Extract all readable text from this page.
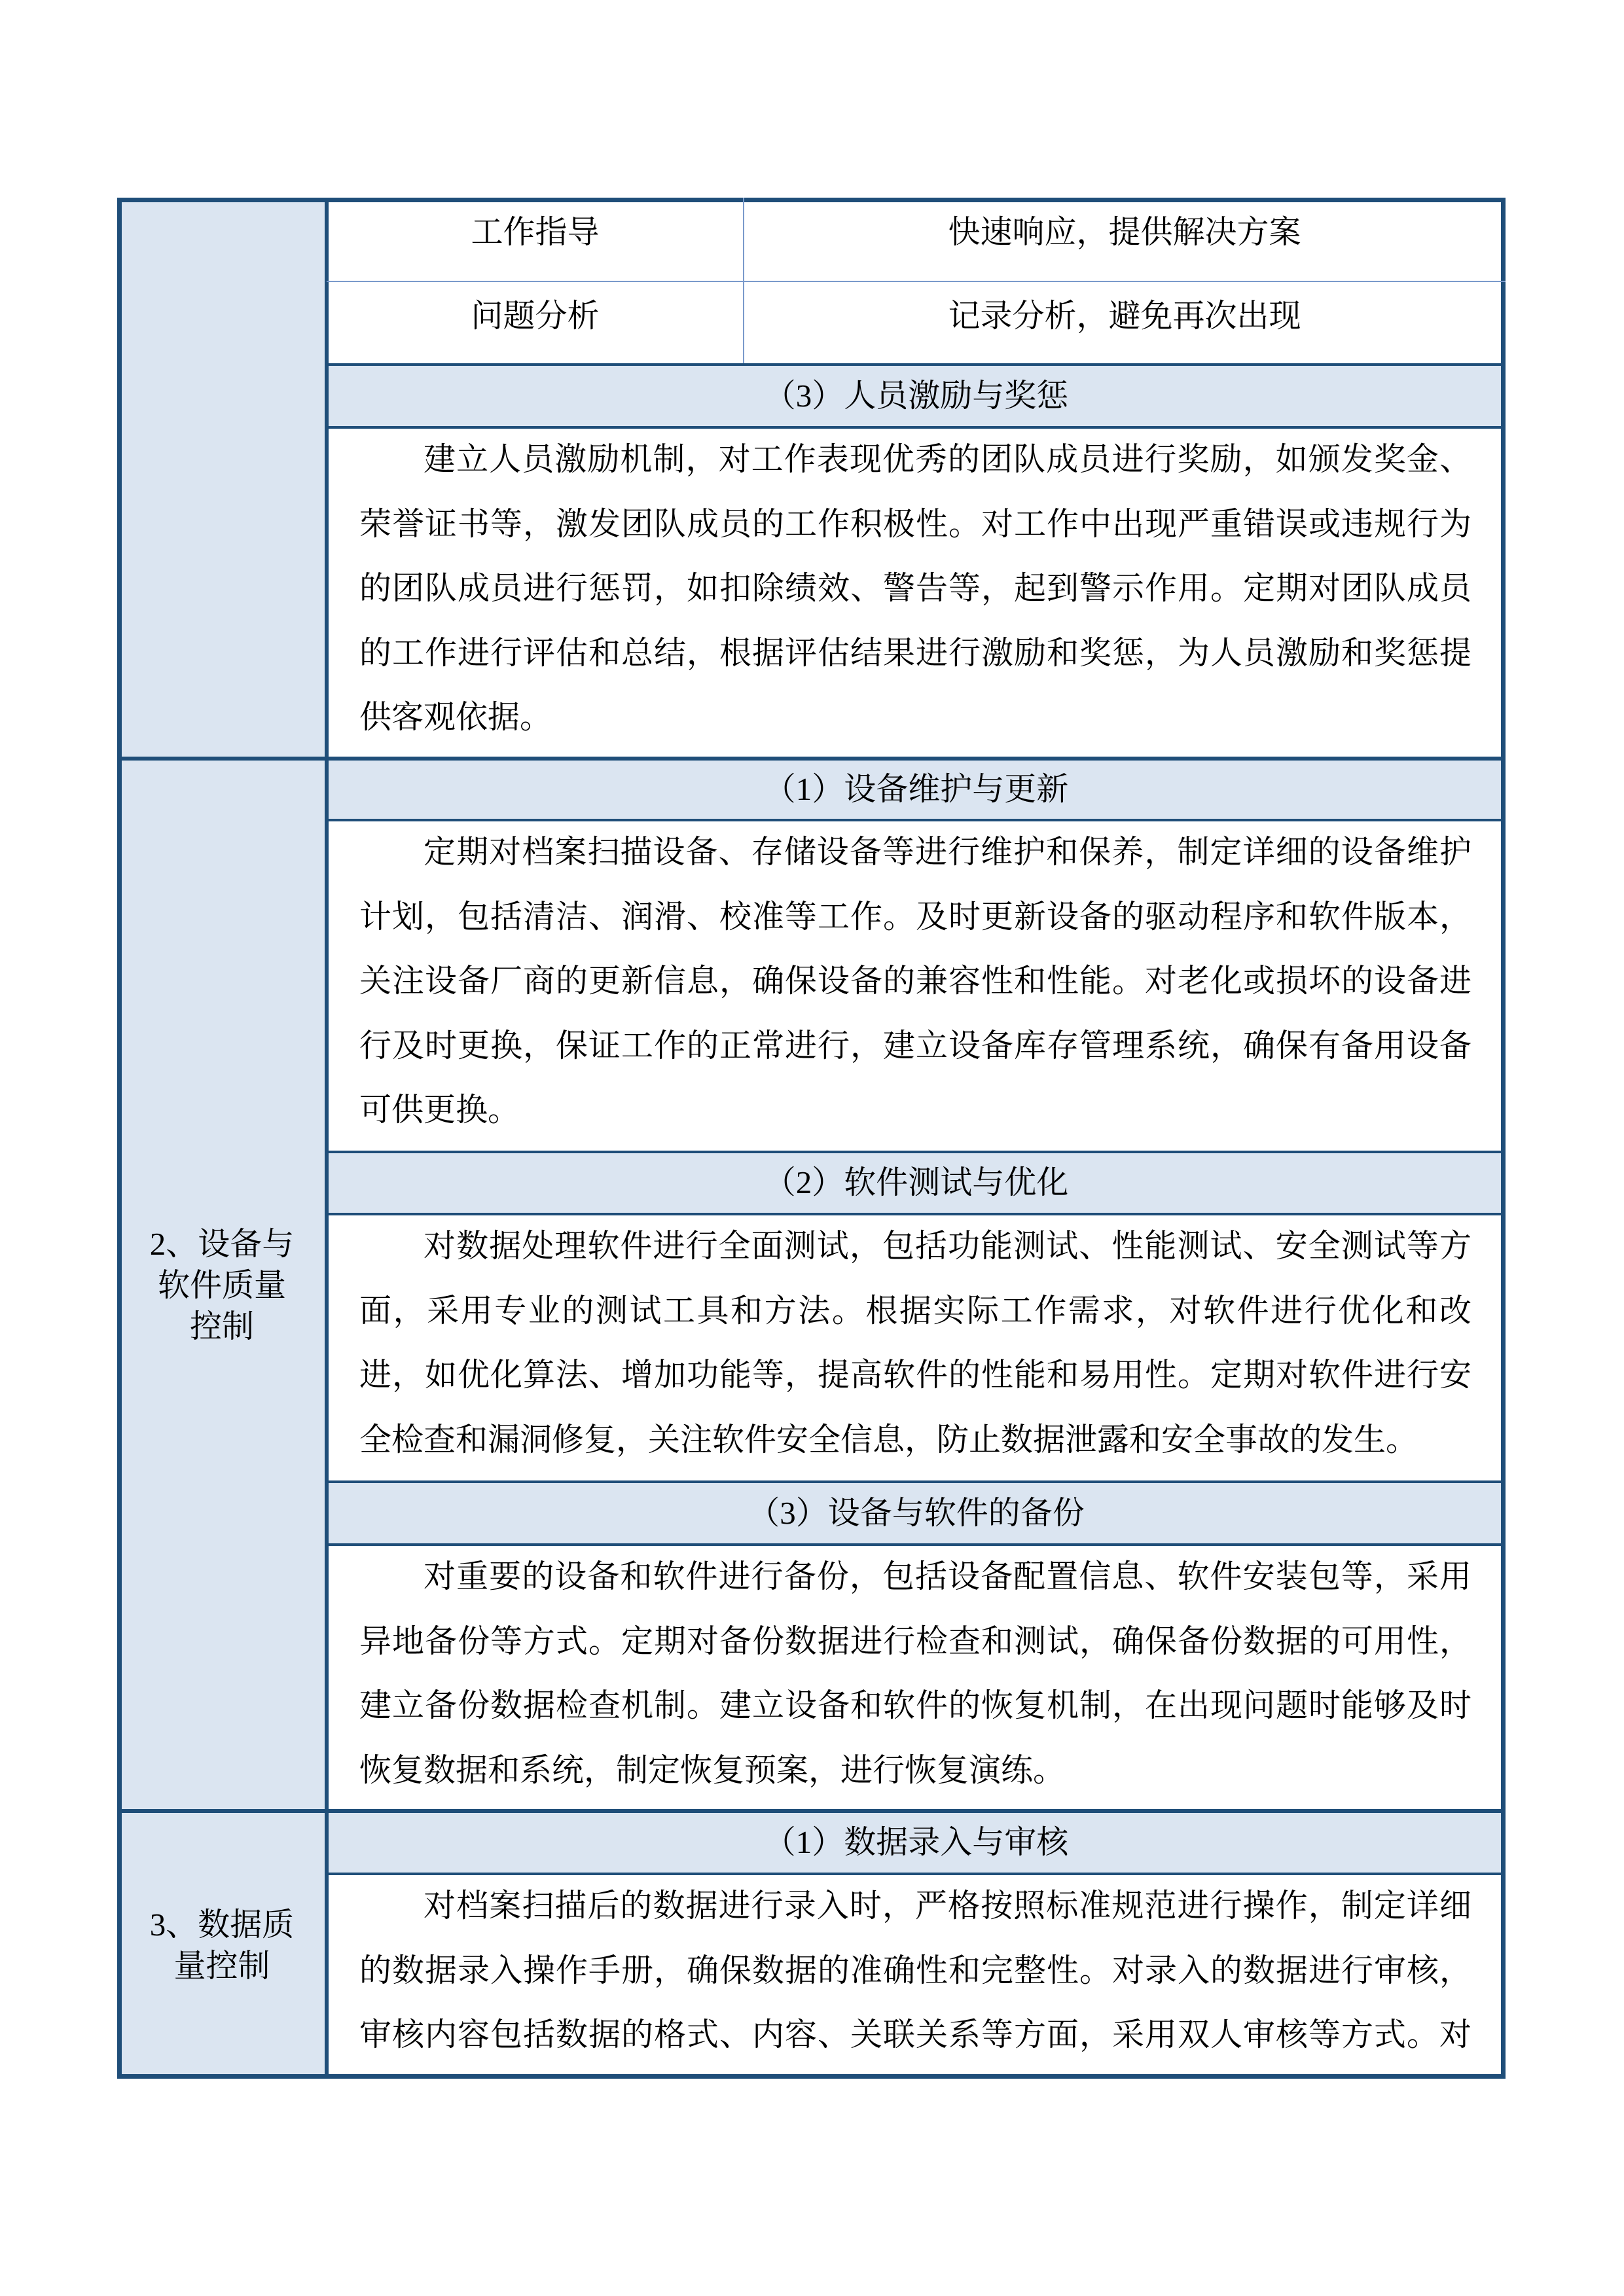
工作指导	快速响应，提供解决方案
问题分析	记录分析，避免再次出现
（3）人员激励与奖惩
建立人员激励机制，对工作表现优秀的团队成员进行奖励，如颁发奖金、
荣誉证书等，激发团队成员的工作积极性。对工作中出现严重错误或违规行为
的团队成员进行惩罚，如扣除绩效、警告等，起到警示作用。定期对团队成员
的工作进行评估和总结，根据评估结果进行激励和奖惩，为人员激励和奖惩提
供客观依据。
2、设备与
软件质量
控制
（1）设备维护与更新
定期对档案扫描设备、存储设备等进行维护和保养，制定详细的设备维护
计划，包括清洁、润滑、校准等工作。及时更新设备的驱动程序和软件版本，
关注设备厂商的更新信息，确保设备的兼容性和性能。对老化或损坏的设备进
行及时更换，保证工作的正常进行，建立设备库存管理系统，确保有备用设备
可供更换。
（2）软件测试与优化
对数据处理软件进行全面测试，包括功能测试、性能测试、安全测试等方
面，采用专业的测试工具和方法。根据实际工作需求，对软件进行优化和改
进，如优化算法、增加功能等，提高软件的性能和易用性。定期对软件进行安
全检查和漏洞修复，关注软件安全信息，防止数据泄露和安全事故的发生。
（3）设备与软件的备份
对重要的设备和软件进行备份，包括设备配置信息、软件安装包等，采用
异地备份等方式。定期对备份数据进行检查和测试，确保备份数据的可用性，
建立备份数据检查机制。建立设备和软件的恢复机制，在出现问题时能够及时
恢复数据和系统，制定恢复预案，进行恢复演练。
3、数据质
量控制
（1）数据录入与审核
对档案扫描后的数据进行录入时，严格按照标准规范进行操作，制定详细
的数据录入操作手册，确保数据的准确性和完整性。对录入的数据进行审核，
审核内容包括数据的格式、内容、关联关系等方面，采用双人审核等方式。对
